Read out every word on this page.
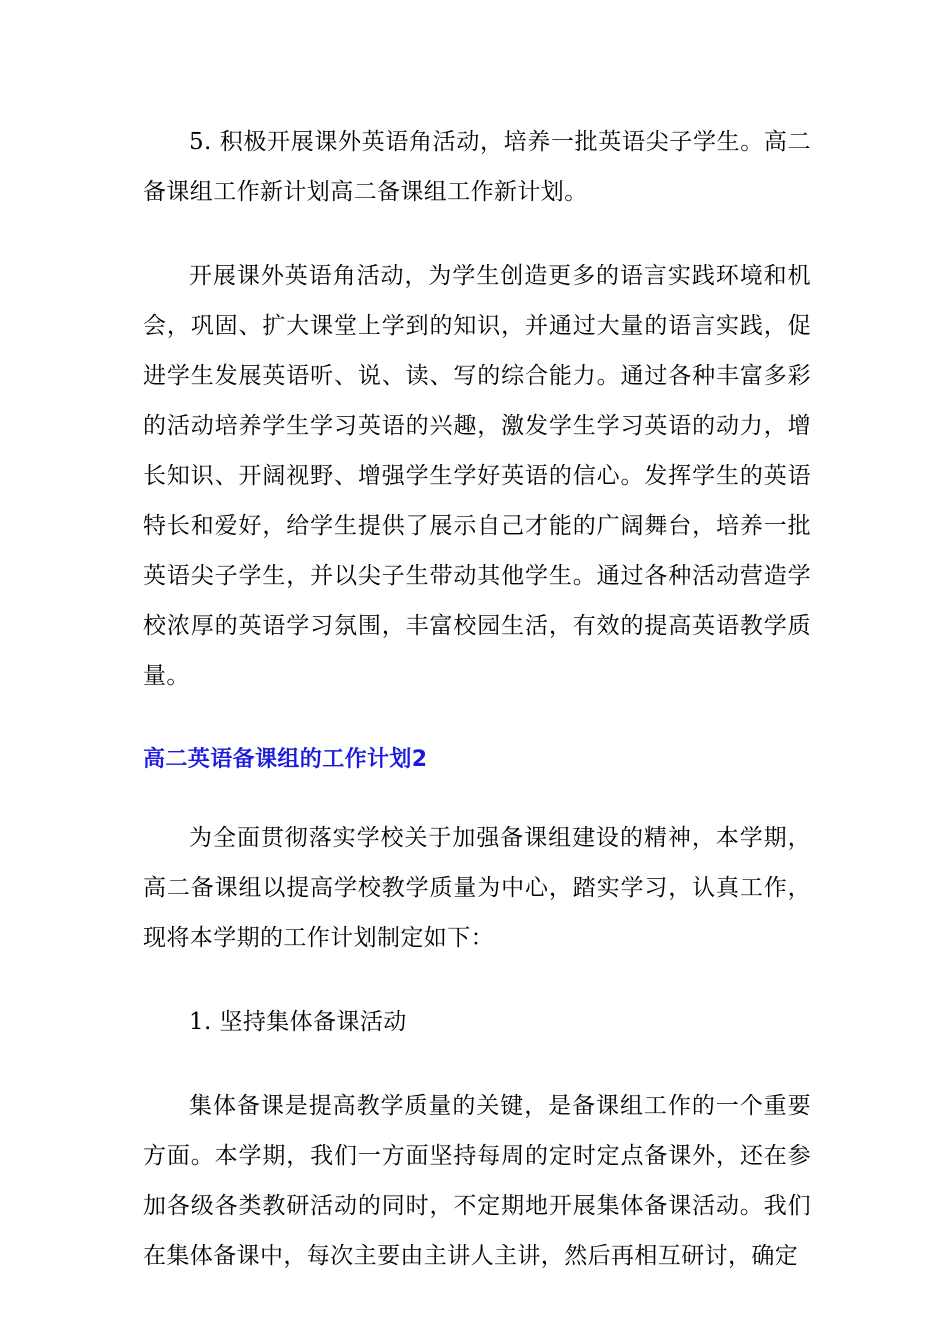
5. 积极开展课外英语角活动，培养一批英语尖子学生。高二备课组工作新计划高二备课组工作新计划。

开展课外英语角活动，为学生创造更多的语言实践环境和机会，巩固、扩大课堂上学到的知识，并通过大量的语言实践，促进学生发展英语听、说、读、写的综合能力。通过各种丰富多彩的活动培养学生学习英语的兴趣，激发学生学习英语的动力，增长知识、开阔视野、增强学生学好英语的信心。发挥学生的英语特长和爱好，给学生提供了展示自己才能的广阔舞台，培养一批英语尖子学生，并以尖子生带动其他学生。通过各种活动营造学校浓厚的英语学习氛围，丰富校园生活，有效的提高英语教学质量。

高二英语备课组的工作计划2

为全面贯彻落实学校关于加强备课组建设的精神，本学期，高二备课组以提高学校教学质量为中心，踏实学习，认真工作，现将本学期的工作计划制定如下：

1. 坚持集体备课活动

集体备课是提高教学质量的关键，是备课组工作的一个重要方面。本学期，我们一方面坚持每周的定时定点备课外，还在参加各级各类教研活动的同时，不定期地开展集体备课活动。我们在集体备课中，每次主要由主讲人主讲，然后再相互研讨，确定
